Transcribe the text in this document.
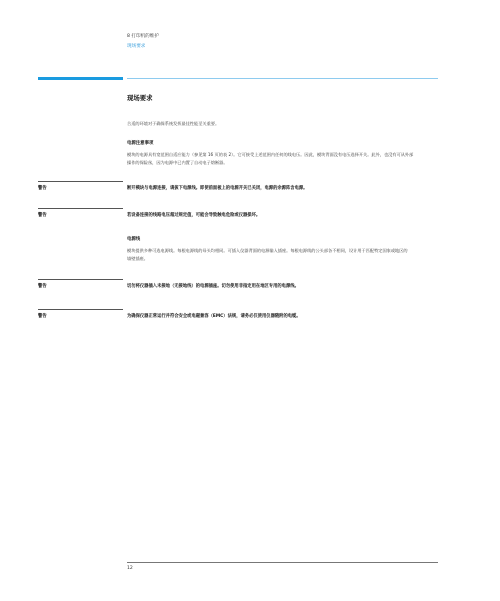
8 打印机的维护
现场要求
现场要求
合适的环境对于确保系统发挥最佳性能至关重要。
电源注意事项
模块的电源具有宽范围自适应能力（参见第 16 页的表 2）。它可接受上述范围内任何的线电压。因此，模块背面没有电压选择开关。此外，也没有可从外部
操作的保险丝，因为电源中已内置了自动电子熔断器。
警告	断开模块与电源连接，请拔下电源线。即使前面板上的电源开关已关闭，电源的余源阵含电源。
警告	若设备连接的线路电压超过规定值，可能会导致触电危险或仪器损坏。
电源线
模块提供多种可选电源线。每根电源线的母头均相同。可插入仪器背面的电源输入插座。每根电源线的公头部各不相同，设计用于匹配特定国家或地区的
墙壁插座。
警告	切勿将仪器插入未接地（无接地线）的电源插座。切勿使用非指定用在地区专用的电源线。
警告	为确保仪器正常运行并符合安全或电磁兼容（EMC）法规，请务必仅使用仪器随附的电缆。
12
